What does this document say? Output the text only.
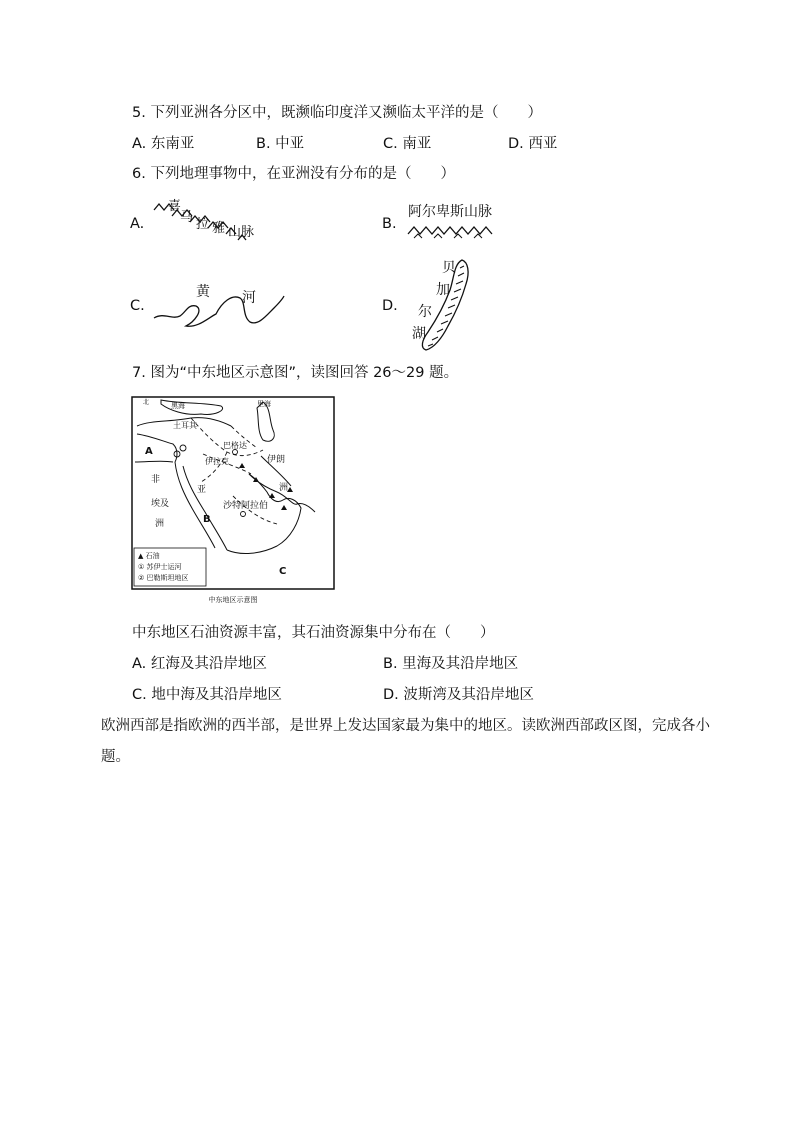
5. 下列亚洲各分区中，既濒临印度洋又濒临太平洋的是（　　）
A. 东南亚	B. 中亚	C. 南亚	D. 西亚
6. 下列地理事物中，在亚洲没有分布的是（　　）
A.
喜
马 拉 雅 山脉
B.
阿尔卑斯山脉
C.
黄 河	D.
贝
加
尔
湖
7. 图为“中东地区示意图”，读图回答 26～29 题。
里海
黑海
土耳其
巴格达
伊朗
伊拉克
亚	洲
非
埃及
洲
沙特阿拉伯
A
B
C
北
▲ 石油
① 苏伊士运河
② 巴勒斯坦地区
中东地区示意图
中东地区石油资源丰富，其石油资源集中分布在（　　）
A. 红海及其沿岸地区	B. 里海及其沿岸地区
C. 地中海及其沿岸地区	D. 波斯湾及其沿岸地区
欧洲西部是指欧洲的西半部，是世界上发达国家最为集中的地区。读欧洲西部政区图，完成各小
题。
